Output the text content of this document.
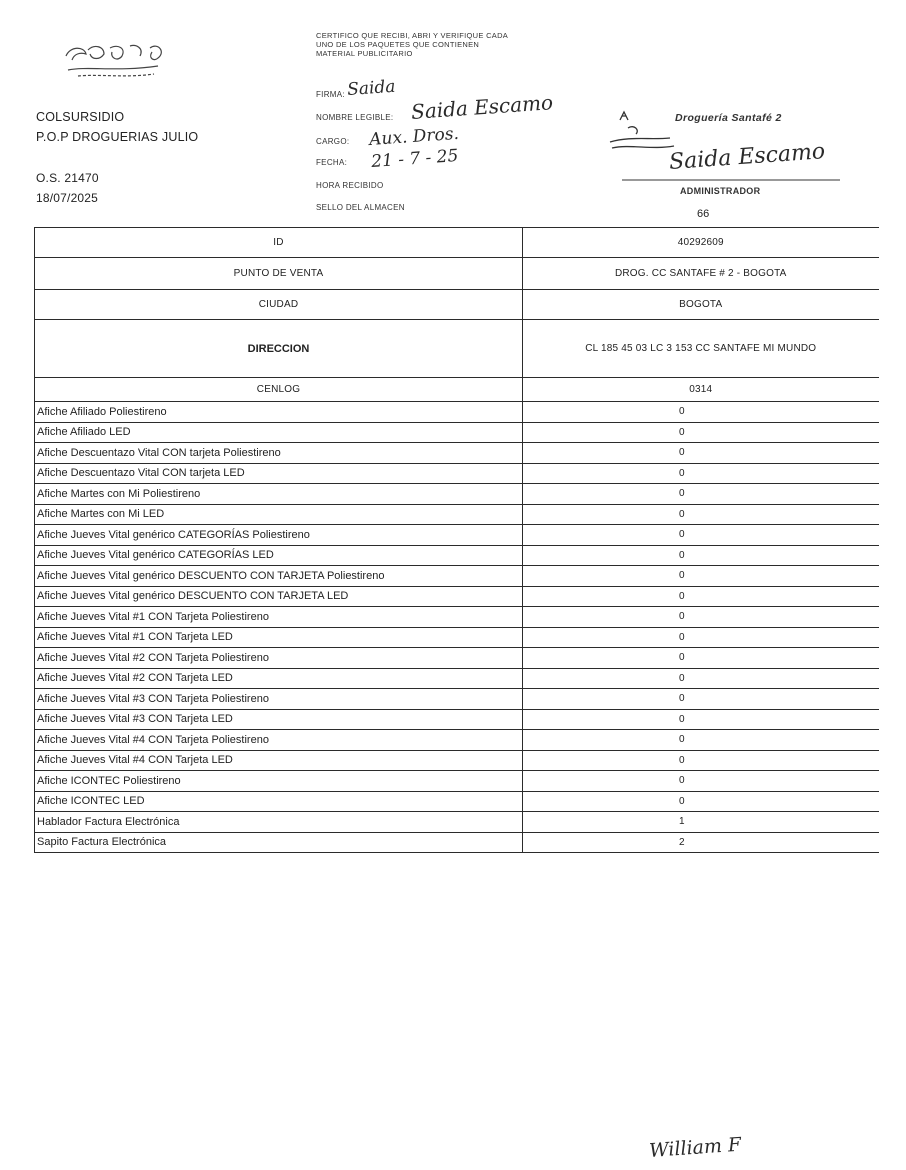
COLSURSIDIO
P.O.P DROGUERIAS JULIO
O.S. 21470
18/07/2025
CERTIFICO QUE RECIBI, ABRI Y VERIFIQUE CADA UNO DE LOS PAQUETES QUE CONTIENEN MATERIAL PUBLICITARIO
FIRMA: Saida
NOMBRE LEGIBLE: Saida Escamo
CARGO: Aux. Dros.
FECHA: 21 - 7 - 25
HORA RECIBIDO
SELLO DEL ALMACEN
Droguería Santafé 2
Saida Escamo
ADMINISTRADOR
66
ID	40292609
PUNTO DE VENTA	DROG. CC SANTAFE # 2 - BOGOTA
CIUDAD	BOGOTA
DIRECCION	CL 185 45 03 LC 3 153 CC SANTAFE MI MUNDO
CENLOG	0314
Afiche Afiliado Poliestireno	0
Afiche Afiliado LED	0
Afiche Descuentazo Vital CON tarjeta Poliestireno	0
Afiche Descuentazo Vital CON tarjeta LED	0
Afiche Martes con Mi Poliestireno	0
Afiche Martes con Mi LED	0
Afiche Jueves Vital genérico CATEGORÍAS Poliestireno	0
Afiche Jueves Vital genérico CATEGORÍAS LED	0
Afiche Jueves Vital genérico DESCUENTO CON TARJETA Poliestireno	0
Afiche Jueves Vital genérico DESCUENTO CON TARJETA LED	0
Afiche Jueves Vital #1 CON Tarjeta Poliestireno	0
Afiche Jueves Vital #1 CON Tarjeta LED	0
Afiche Jueves Vital #2 CON Tarjeta Poliestireno	0
Afiche Jueves Vital #2 CON Tarjeta LED	0
Afiche Jueves Vital #3 CON Tarjeta Poliestireno	0
Afiche Jueves Vital #3 CON Tarjeta LED	0
Afiche Jueves Vital #4 CON Tarjeta Poliestireno	0
Afiche Jueves Vital #4 CON Tarjeta LED	0
Afiche ICONTEC Poliestireno	0
Afiche ICONTEC LED	0
Hablador Factura Electrónica	1
Sapito Factura Electrónica	2
William F
